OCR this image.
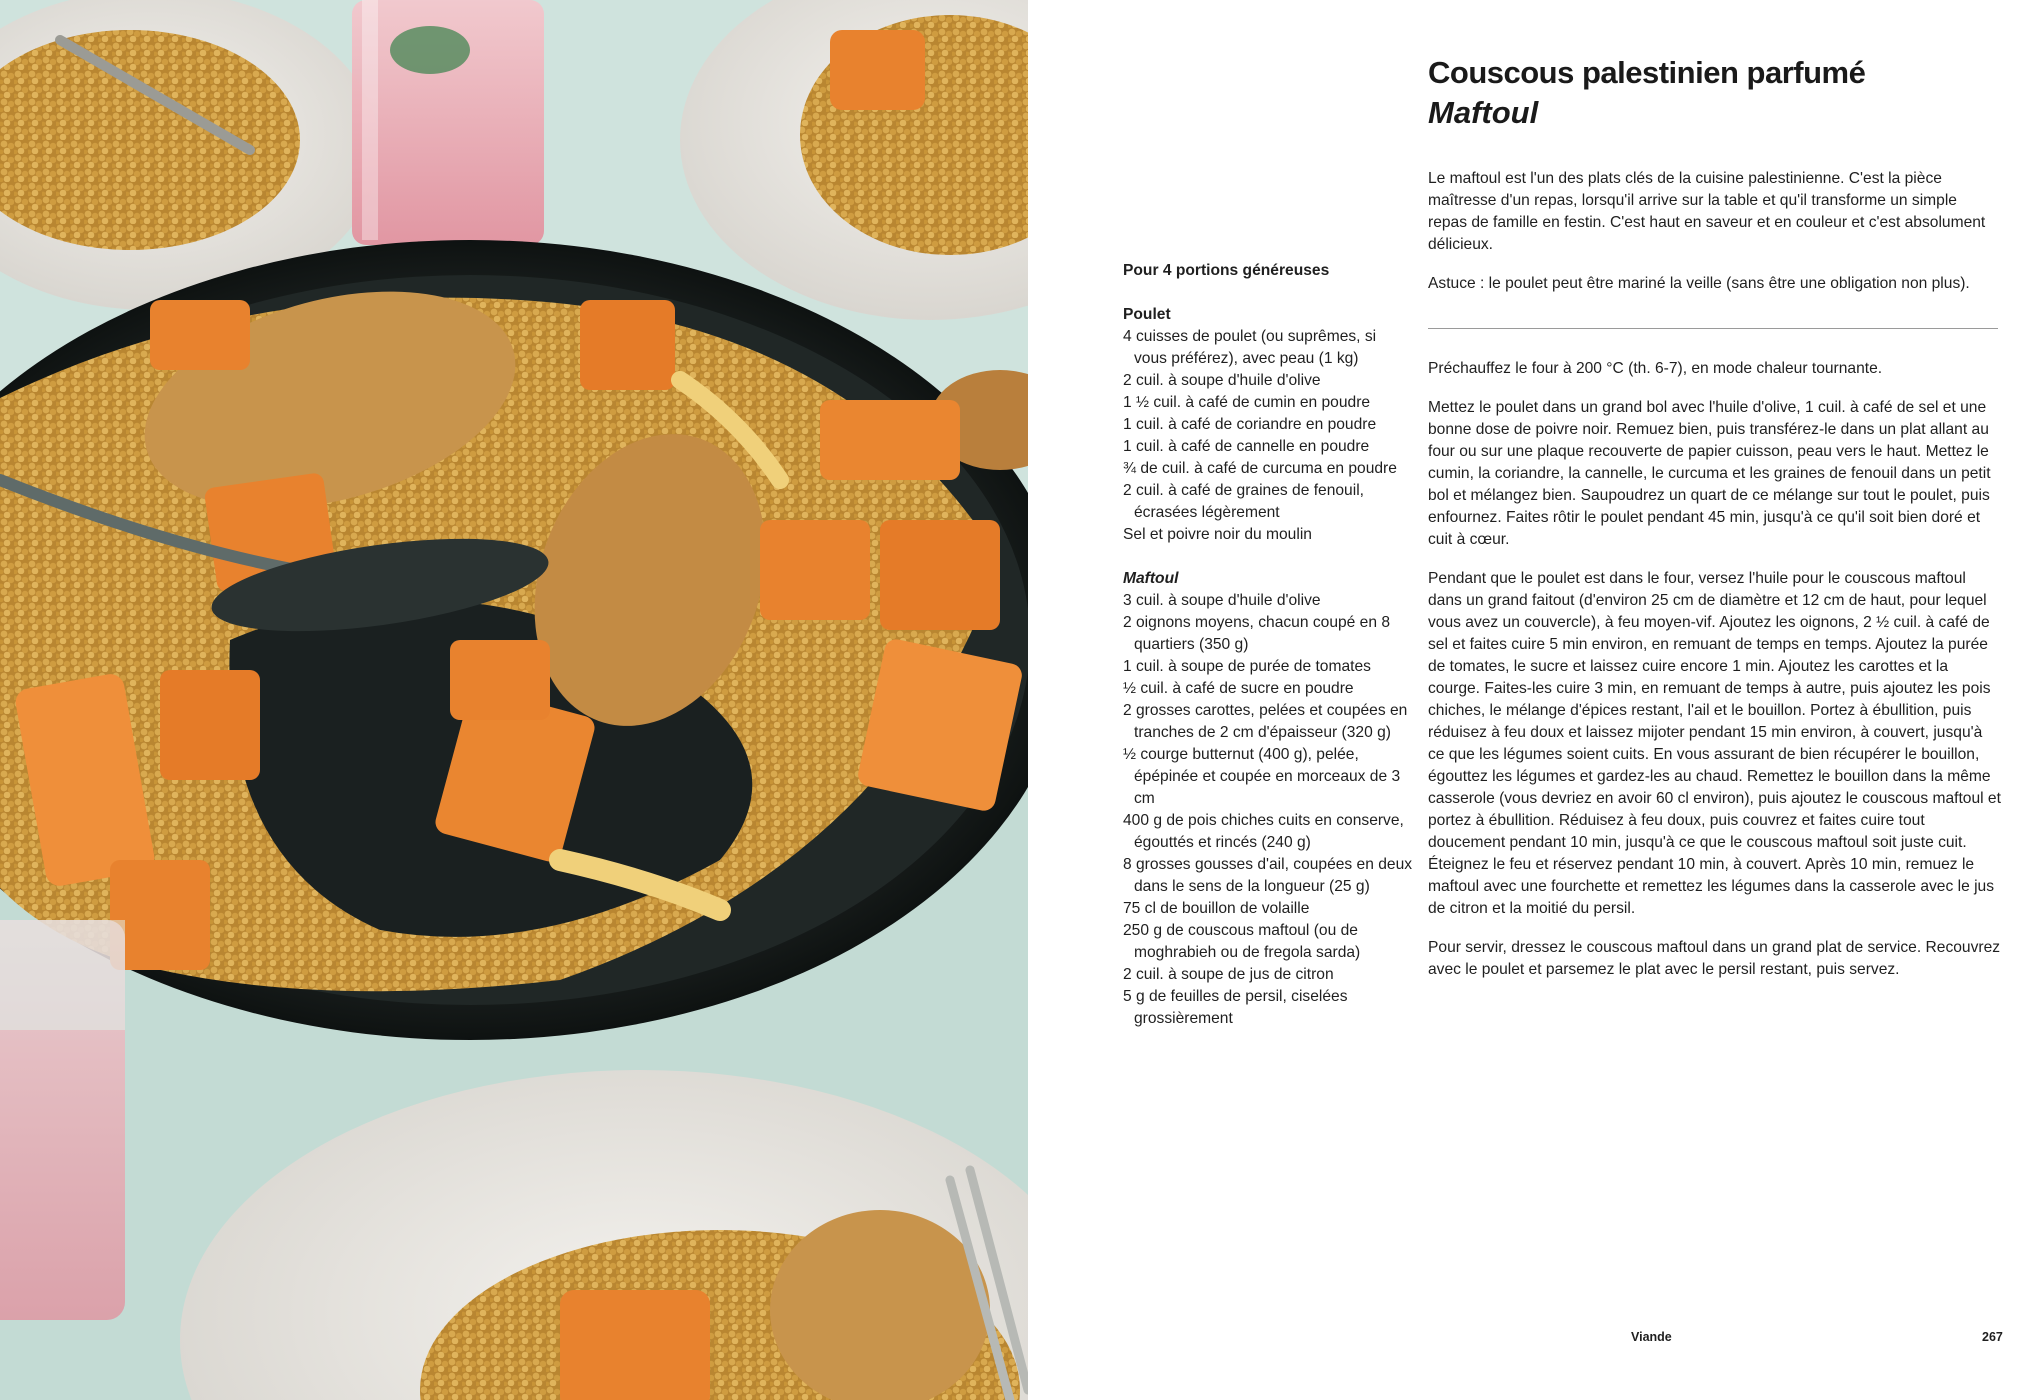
Couscous palestinien parfumé
Maftoul

Le maftoul est l'un des plats clés de la cuisine palestinienne. C'est la pièce maîtresse d'un repas, lorsqu'il arrive sur la table et qu'il transforme un simple repas de famille en festin. C'est haut en saveur et en couleur et c'est absolument délicieux.

Astuce : le poulet peut être mariné la veille (sans être une obligation non plus).

Pour 4 portions généreuses

Poulet

4 cuisses de poulet (ou suprêmes, si vous préférez), avec peau (1 kg)
2 cuil. à soupe d'huile d'olive
1 ½ cuil. à café de cumin en poudre
1 cuil. à café de coriandre en poudre
1 cuil. à café de cannelle en poudre
¾ de cuil. à café de curcuma en poudre
2 cuil. à café de graines de fenouil, écrasées légèrement
Sel et poivre noir du moulin

Maftoul

3 cuil. à soupe d'huile d'olive
2 oignons moyens, chacun coupé en 8 quartiers (350 g)
1 cuil. à soupe de purée de tomates
½ cuil. à café de sucre en poudre
2 grosses carottes, pelées et coupées en tranches de 2 cm d'épaisseur (320 g)
½ courge butternut (400 g), pelée, épépinée et coupée en morceaux de 3 cm
400 g de pois chiches cuits en conserve, égouttés et rincés (240 g)
8 grosses gousses d'ail, coupées en deux dans le sens de la longueur (25 g)
75 cl de bouillon de volaille
250 g de couscous maftoul (ou de moghrabieh ou de fregola sarda)
2 cuil. à soupe de jus de citron
5 g de feuilles de persil, ciselées grossièrement

Préchauffez le four à 200 °C (th. 6-7), en mode chaleur tournante.

Mettez le poulet dans un grand bol avec l'huile d'olive, 1 cuil. à café de sel et une bonne dose de poivre noir. Remuez bien, puis transférez-le dans un plat allant au four ou sur une plaque recouverte de papier cuisson, peau vers le haut. Mettez le cumin, la coriandre, la cannelle, le curcuma et les graines de fenouil dans un petit bol et mélangez bien. Saupoudrez un quart de ce mélange sur tout le poulet, puis enfournez. Faites rôtir le poulet pendant 45 min, jusqu'à ce qu'il soit bien doré et cuit à cœur.

Pendant que le poulet est dans le four, versez l'huile pour le couscous maftoul dans un grand faitout (d'environ 25 cm de diamètre et 12 cm de haut, pour lequel vous avez un couvercle), à feu moyen-vif. Ajoutez les oignons, 2 ½ cuil. à café de sel et faites cuire 5 min environ, en remuant de temps en temps. Ajoutez la purée de tomates, le sucre et laissez cuire encore 1 min. Ajoutez les carottes et la courge. Faites-les cuire 3 min, en remuant de temps à autre, puis ajoutez les pois chiches, le mélange d'épices restant, l'ail et le bouillon. Portez à ébullition, puis réduisez à feu doux et laissez mijoter pendant 15 min environ, à couvert, jusqu'à ce que les légumes soient cuits. En vous assurant de bien récupérer le bouillon, égouttez les légumes et gardez-les au chaud. Remettez le bouillon dans la même casserole (vous devriez en avoir 60 cl environ), puis ajoutez le couscous maftoul et portez à ébullition. Réduisez à feu doux, puis couvrez et faites cuire tout doucement pendant 10 min, jusqu'à ce que le couscous maftoul soit juste cuit. Éteignez le feu et réservez pendant 10 min, à couvert. Après 10 min, remuez le maftoul avec une fourchette et remettez les légumes dans la casserole avec le jus de citron et la moitié du persil.

Pour servir, dressez le couscous maftoul dans un grand plat de service. Recouvrez avec le poulet et parsemez le plat avec le persil restant, puis servez.

Viande	267
